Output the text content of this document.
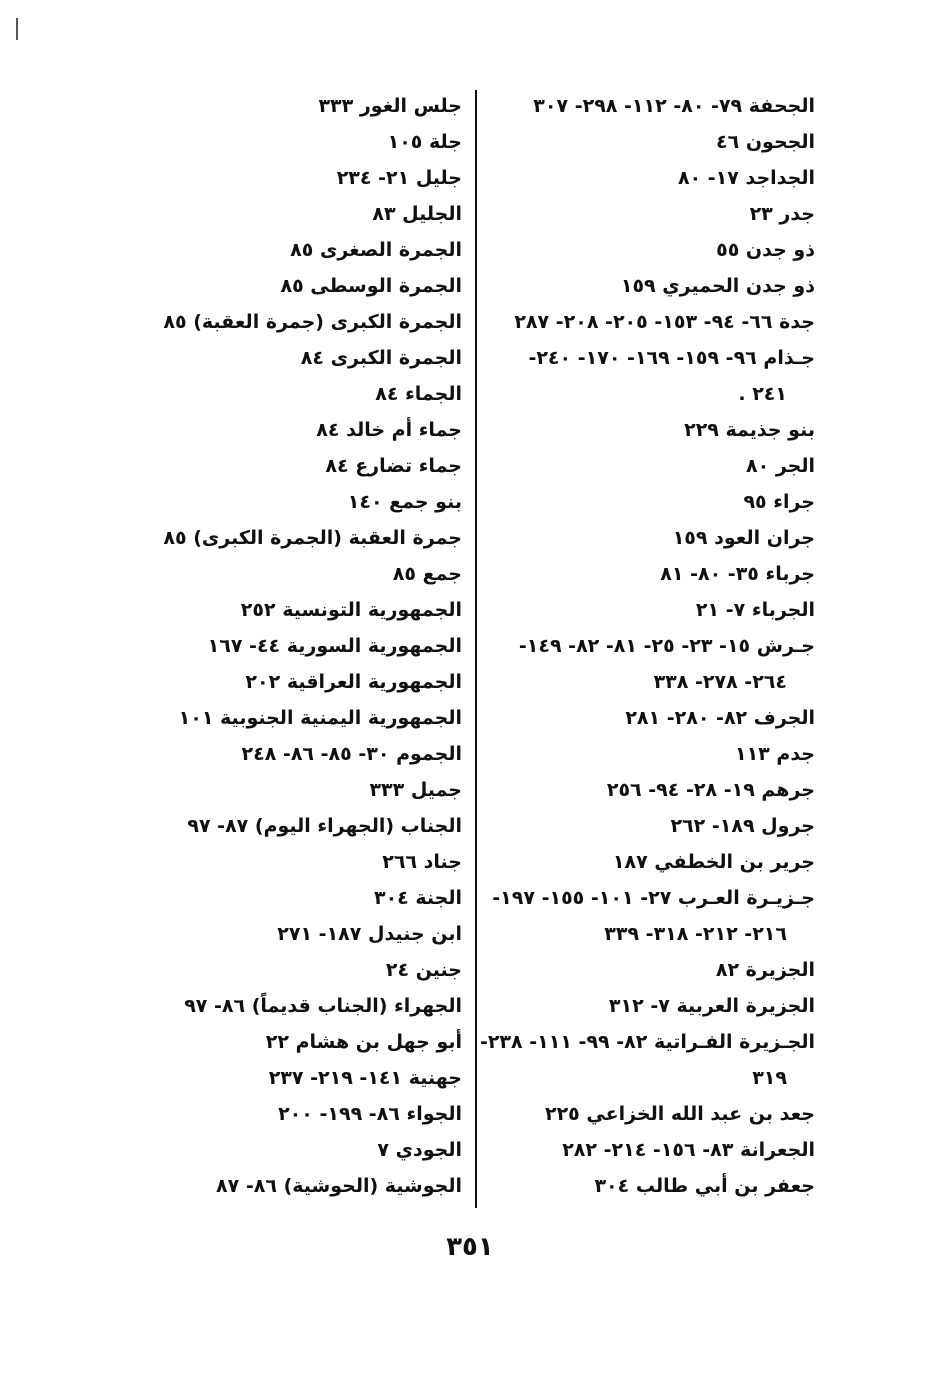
الجحفة ٧٩- ٨٠- ١١٢- ٢٩٨- ٣٠٧
الجحون ٤٦
الجداجد ١٧- ٨٠
جدر ٢٣
ذو جدن ٥٥
ذو جدن الحميري ١٥٩
جدة ٦٦- ٩٤- ١٥٣- ٢٠٥- ٢٠٨- ٢٨٧
جـذام ٩٦- ١٥٩- ١٦٩- ١٧٠- ٢٤٠-
٢٤١ .
بنو جذيمة ٢٢٩
الجر ٨٠
جراء ٩٥
جران العود ١٥٩
جرباء ٣٥- ٨٠- ٨١
الجرباء ٧- ٢١
جـرش ١٥- ٢٣- ٢٥- ٨١- ٨٢- ١٤٩-
٢٦٤- ٢٧٨- ٣٣٨
الجرف ٨٢- ٢٨٠- ٢٨١
جدم ١١٣
جرهم ١٩- ٢٨- ٩٤- ٢٥٦
جرول ١٨٩- ٢٦٢
جرير بن الخطفي ١٨٧
جـزيـرة العـرب ٢٧- ١٠١- ١٥٥- ١٩٧-
٢١٦- ٢١٢- ٣١٨- ٣٣٩
الجزيرة ٨٢
الجزيرة العربية ٧- ٣١٢
الجـزيرة الفـراتية ٨٢- ٩٩- ١١١- ٢٣٨-
٣١٩
جعد بن عبد الله الخزاعي ٢٢٥
الجعرانة ٨٣- ١٥٦- ٢١٤- ٢٨٢
جعفر بن أبي طالب ٣٠٤
جلس الغور ٣٣٣
جلة ١٠٥
جليل ٢١- ٢٣٤
الجليل ٨٣
الجمرة الصغرى ٨٥
الجمرة الوسطى ٨٥
الجمرة الكبرى (جمرة العقبة) ٨٥
الجمرة الكبرى ٨٤
الجماء ٨٤
جماء أم خالد ٨٤
جماء تضارع ٨٤
بنو جمع ١٤٠
جمرة العقبة (الجمرة الكبرى) ٨٥
جمع ٨٥
الجمهورية التونسية ٢٥٢
الجمهورية السورية ٤٤- ١٦٧
الجمهورية العراقية ٢٠٢
الجمهورية اليمنية الجنوبية ١٠١
الجموم ٣٠- ٨٥- ٨٦- ٢٤٨
جميل ٣٣٣
الجناب (الجهراء اليوم) ٨٧- ٩٧
جناد ٢٦٦
الجنة ٣٠٤
ابن جنيدل ١٨٧- ٢٧١
جنين ٢٤
الجهراء (الجناب قديماً) ٨٦- ٩٧
أبو جهل بن هشام ٢٢
جهنية ١٤١- ٢١٩- ٢٣٧
الجواء ٨٦- ١٩٩- ٢٠٠
الجودي ٧
الجوشية (الحوشية) ٨٦- ٨٧
٣٥١
